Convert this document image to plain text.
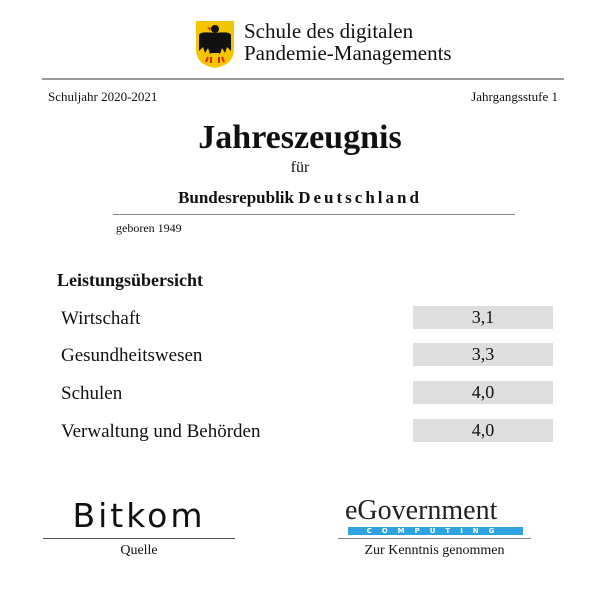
Schule des digitalen
Pandemie-Managements
Schuljahr 2020-2021	Jahrgangsstufe 1
Jahreszeugnis
für
Bundesrepublik Deutschland
geboren 1949
Leistungsübersicht
Wirtschaft	3,1
Gesundheitswesen	3,3
Schulen	4,0
Verwaltung und Behörden	4,0
Bitkom
Quelle
eGovernment
COMPUTING
Zur Kenntnis genommen
